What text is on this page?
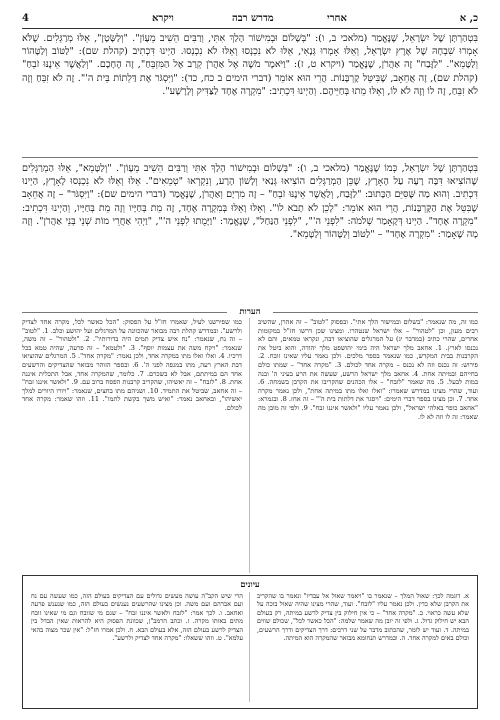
4	ויקרא	מדרש רבה	אחרי	כ, א

בִּטְהַרְתָּן שֶׁל יִשְׂרָאֵל, שֶׁנֶּאֱמַר (מלאכי ב, ו): "בְּשָׁלוֹם וּבְמִישׁוֹר הָלַךְ אִתִּי, וְרַבִּים הֵשִׁיב מֵעָוֹן". "וְלַשָּׂטָן", אֵלּוּ מְרַגְּלִים. שֶׁלֹּא אָמְרוּ שִׁבְחָהּ שֶׁל אֶרֶץ יִשְׂרָאֵל, וְאֵלּוּ אָמְרוּ גְּנָאִי, אֵלּוּ לֹא נִכְנְסוּ וְאֵלּוּ לֹא נִכְנְסוּ. הַיְינוּ דִּכְתִיב (קהלת שם): "לַטּוֹב וְלַטָּהוֹר וְלַטָּמֵא". "לַזֶּבַח" זֶה אַהֲרֹן, שֶׁנֶּאֱמַר (ויקרא ט, ז): "וַיֹּאמֶר מֹשֶׁה אֶל אַהֲרֹן קְרַב אֶל הַמִּזְבֵּחַ", זֶה הֶחָכָם. "וְלַאֲשֶׁר אֵינֶנּוּ זֹבֵחַ" (קהלת שם), זֶה אֲחֵאָב, שֶׁבִּיטֵּל קָרְבָּנוֹת. הֲרֵי הוּא אוֹמֵר (דברי הימים ב כח, כד): "וַיִּסְגֹּר אֶת דַּלְתוֹת בֵּית ה'". זֶה לֹא זִבֵּחַ וְזֶה לֹא זִבֵּחַ, זֶה לוֹ וְזֶה לֹא לוֹ, וְאֵלּוּ מֵתוּ בְּחַיֵּיהֶם. וְהַיְינוּ דִּכְתִיב: "מִקְרֶה אֶחָד לַצַּדִּיק וְלָרָשָׁע".

בִּטְהַרְתָּן שֶׁל יִשְׂרָאֵל, כְּמוֹ שֶׁנֶּאֱמַר (מלאכי ב, ו): "בְּשָׁלוֹם וּבְמִישׁוֹר הָלַךְ אִתִּי וְרַבִּים הֵשִׁיב מֵעָוֹן". "וְלַטָּמֵא", אֵלּוּ הַמְרַגְּלִים שֶׁהוֹצִיאוּ דִּבָּה רָעָה עַל הָאָרֶץ, שֶׁכֵּן הַמְרַגְּלִים הוֹצִיאוּ גְּנַאי וְלָשׁוֹן הָרָע, וְנִקְרְאוּ "טְמֵאִים". אֵלּוּ וְאֵלּוּ לֹא נִכְנְסוּ לָאָרֶץ, הַיְינוּ דִּכְתִיב. וְהוּא מַה שֶּׁסִּיֵּם הַכָּתוּב: "לַזֶּבַח, וְלַאֲשֶׁר אֵינֶנּוּ זֹבֵחַ" – זֶה מִרְיָם וְאַהֲרֹן, שֶׁנֶּאֱמַר (דברי הימים שם): "וַיִּסְגֹּר" – זֶה אֲחֵאָב שֶׁבִּטֵּל אֶת הַקָּרְבָּנוֹת, הֲרֵי הוּא אוֹמֵר: "לָכֵן לֹא תָבֹא לוֹ". וְאֵלּוּ וָאֵלּוּ בְּמִקְרֶה אֶחָד, זֶה מֵת בְּחַיָּיו וְזֶה מֵת בְּחַיָּיו, וְהַיְינוּ דִּכְתִיב: "מִקְרֶה אֶחָד". הַיְינוּ דְּקָאָמַר שְׁלֹמֹה: "לִפְנֵי ה'", "לִפְנֵי הַנַּחַל", שֶׁנֶּאֱמַר: "וַיָּמֻתוּ לִפְנֵי ה'", "וַיְהִי אַחֲרֵי מוֹת שְׁנֵי בְּנֵי אַהֲרֹן". וְזֶה מָה שֶׁאָמַר: "מִקְרֶה אֶחָד" – "לַטּוֹב וְלַטָּהוֹר וְלַטָּמֵא".

הערות
כמו זה, מה שנאמר: "בשלום ובמישור הלך אתי". ובפסוק "לטוב" – זה אהרן, שהשיב רבים מעון, וכן "לטהור" – אלו ישראל שנטהרו. ומצינו שכן דרשו חז"ל במקומות אחרים, שהרי כתיב (במדבר יג) על המרגלים שהוציאו דבה, ונקראו טמאים, והם לא נכנסו לארץ. 1. אחאב מלך ישראל היה בימי יהושפט מלך יהודה, והוא ביטל את הקרבנות בבית המקדש, כמו שנאמר בספר מלכים. ולכן נאמר עליו שאינו זובח. 2. פירוש: זה נכנס וזה לא נכנס – מקרה אחד לכולם. 3. "מקרה אחד" – שמתו כולם בחייהם ובמיתה אחת. 4. אחאב מלך ישראל הרשע, שעשה את הרע בעיני ה' ובנה במות לבעל. 5. מה שאמר "לזבח" – אלו הכהנים שהקריבו את הקרבן בשמחה. 6. ועוד, שהרי מצינו במדרש שאמרו: "ואלו ואלו מתו במיתה אחת", ולכן נאמר מקרה אחד. 7. וכן מצינו בספר דברי הימים: "ויסגר את דלתות בית ה'" – זה אחז. 8. ובגמרא: "אחאב כופר באלהי ישראל", ולכן נאמר עליו "ולאשר איננו זבח". 9. ולפי זה מובן מה שאמר: זה לו וזה לא לו.
כמו שפירשנו לעיל, שאמרו חז"ל על הפסוק: "הכל כאשר לכל, מקרה אחד לצדיק ולרשע". ובמדרש קהלת רבה מבואר שהכוונה על המרגלים ועל יהושע וכלב. 1. "לטוב" – זה נח, שנאמר: "נח איש צדיק תמים היה בדורותיו". 2. "ולטהור" – זה משה, שנאמר: "ויקח משה את עצמות יוסף". 3. "ולטמא" – זה פרעה, שהיה טמא בכל דרכיו. 4. ואלו ואלו מתו במקרה אחד, ולכן נאמר: "מקרה אחד". 5. המרגלים שהוציאו דבת הארץ רעה, מתו במגפה לפני ה'. 6. ובספר הזוהר מבואר שהצדיקים והרשעים אחד הם במיתתם, אבל לא בשכרם. 7. כלומר, שהמקרה אחד, אבל התכלית איננה אחת. 8. "לזבח" – זה יאשיהו, שהקריב קרבנות הפסח ברוב עם. 9. "ולאשר איננו זבח" – זה אחאב, שביטל את התמיד. 10. ושניהם מתו בחצים, שנאמר: "ויורו היורים למלך יאשיהו", ובאחאב נאמר: "ואיש משך בקשת לתמו". 11. וזהו שאמר: מקרה אחד לכולם.
עיונים
א. דוגמה לכך: שאול המלך – שנאמר בו "ויאמר שאול אל עבדיו" ונאמר בו שהקריב את הקרבן שלא כדין. ולכן נאמר עליו "לזבח". ועוד, שהרי מצינו שהיה שאול בוכה על שלא עשה כראוי. ב. "מקרה אחד" – כי אין חילוק בין צדיק לרשע במיתה, רק בעולם הבא יש חילוק גדול. ג. ולפי זה יובן מה שאמר שלמה: "הכל כאשר לכל", שכולם שווים במיתה. ד. ועוד יש לומר, שהכתוב מדבר על שני דרכים: דרך הצדיקים ודרך הרשעים, וכולם באים למקרה אחד. ה. ובמדרש תנחומא מבואר שהמקרה הוא המיתה.
הרי שיש הקב"ה עושה מעשים גדולים עם הצדיקים בעולם הזה, כמו שעשה עם נח ועם אברהם ועם משה. וכן מצינו שהרשעים נענשים בעולם הזה, כמו שנענש פרעה ואחאב. ו. לכך אמר: "לזבח ולאשר איננו זבח" – שגם מי שזובח וגם מי שאינו זובח מתים באותו מקרה. ז. וכתב הרמב"ן, שכוונת הפסוק היא להראות שאין הבדל בין הצדיק לרשע בעולם הזה, אלא בעולם הבא. ח. ולכן אמרו חז"ל: "אין שכר מצוה בהאי עלמא". ט. וזהו ששאלו: "מקרה אחד לצדיק ולרשע".
